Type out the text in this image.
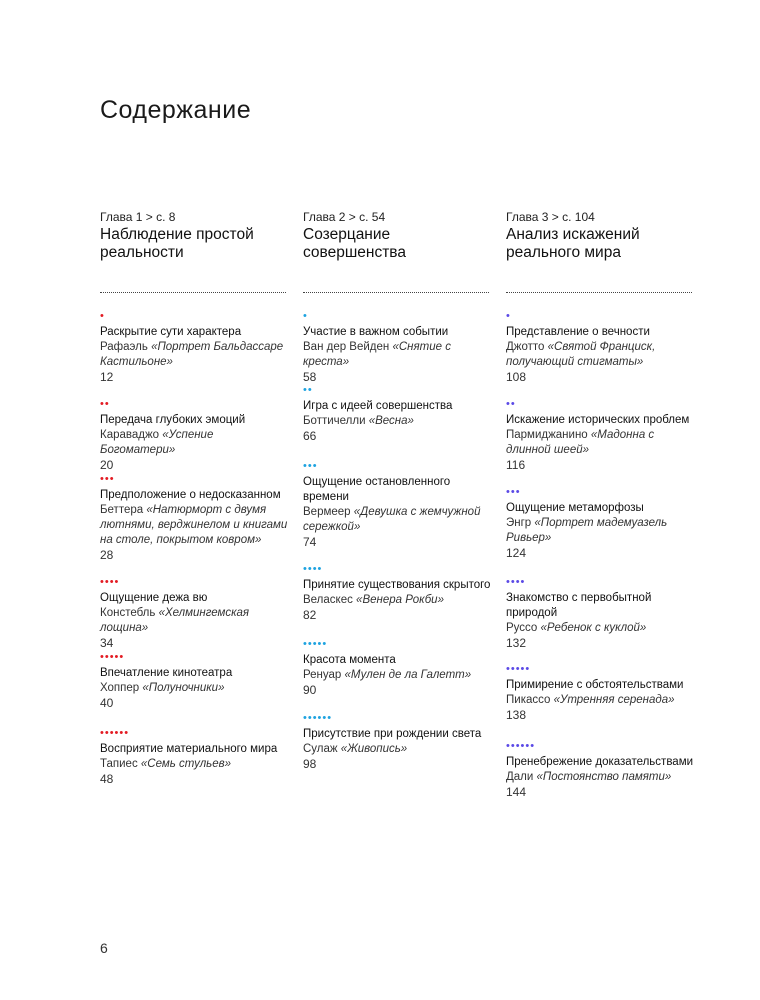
Содержание
Глава 1 > с. 8
Наблюдение простой реальности
•
Раскрытие сути характера
Рафаэль «Портрет Бальдассаре Кастильоне»
12
••
Передача глубоких эмоций
Караваджо «Успение Богоматери»
20
•••
Предположение о недосказанном
Беттера «Натюрморт с двумя лютнями, верджинелом и книгами на столе, покрытом ковром»
28
••••
Ощущение дежа вю
Констебль «Хелмингемская лощина»
34
•••••
Впечатление кинотеатра
Хоппер «Полуночники»
40
••••••
Восприятие материального мира
Тапиес «Семь стульев»
48
Глава 2 > с. 54
Созерцание совершенства
•
Участие в важном событии
Ван дер Вейден «Снятие с креста»
58
••
Игра с идеей совершенства
Боттичелли «Весна»
66
•••
Ощущение остановленного времени
Вермеер «Девушка с жемчужной сережкой»
74
••••
Принятие существования скрытого
Веласкес «Венера Рокби»
82
•••••
Красота момента
Ренуар «Мулен де ла Галетт»
90
••••••
Присутствие при рождении света
Сулаж «Живопись»
98
Глава 3 > с. 104
Анализ искажений реального мира
•
Представление о вечности
Джотто «Святой Франциск, получающий стигматы»
108
••
Искажение исторических проблем
Пармиджанино «Мадонна с длинной шеей»
116
•••
Ощущение метаморфозы
Энгр «Портрет мадемуазель Ривьер»
124
••••
Знакомство с первобытной природой
Руссо «Ребенок с куклой»
132
•••••
Примирение с обстоятельствами
Пикассо «Утренняя серенада»
138
••••••
Пренебрежение доказательствами
Дали «Постоянство памяти»
144
6
